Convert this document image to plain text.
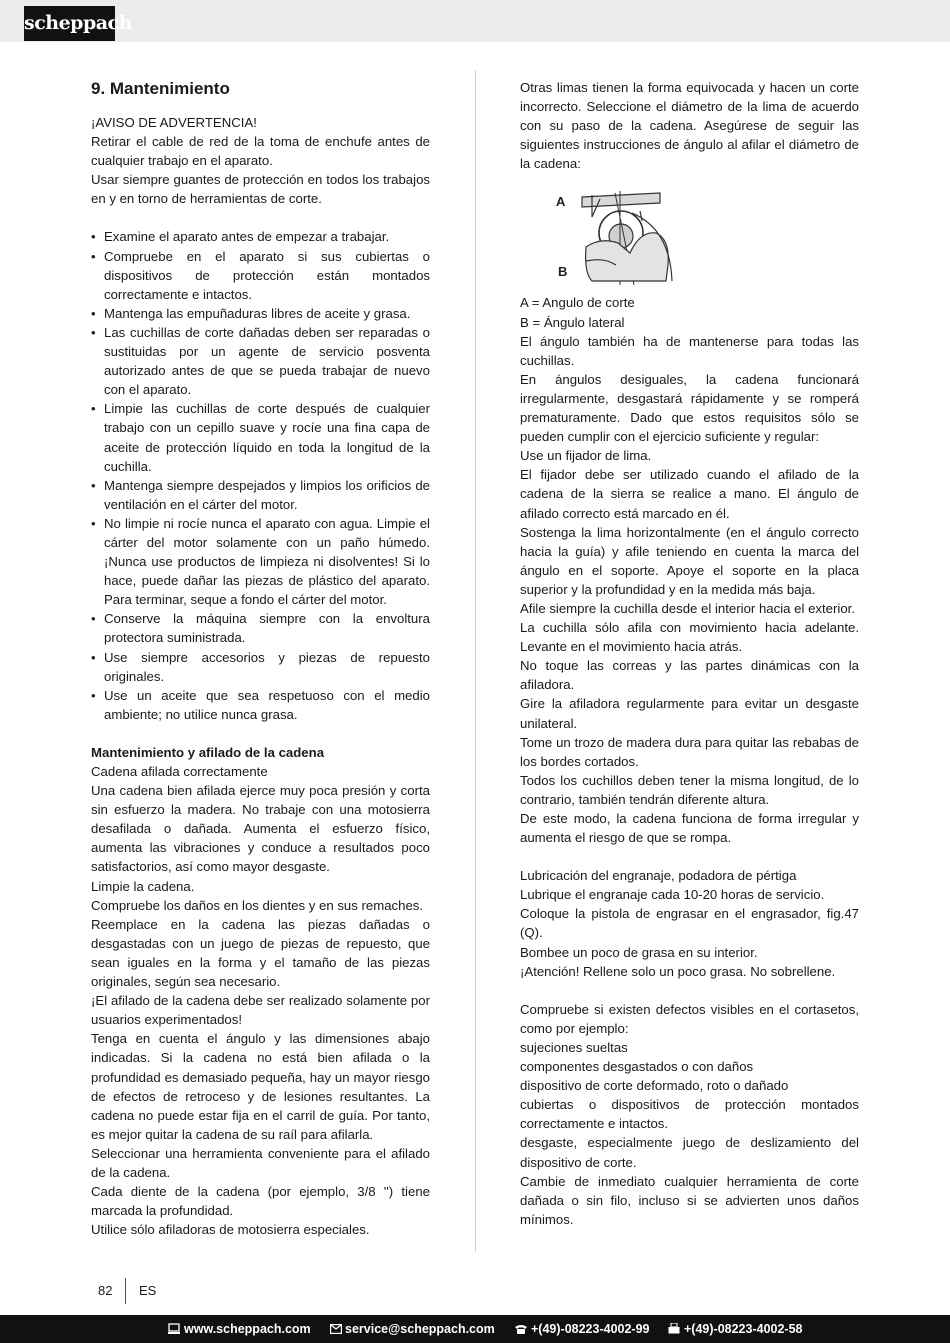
scheppach
9. Mantenimiento

¡AVISO DE ADVERTENCIA!

Retirar el cable de red de la toma de enchufe antes de cualquier trabajo en el aparato.

Usar siempre guantes de protección en todos los trabajos en y en torno de herramientas de corte.

• Examine el aparato antes de empezar a trabajar.
• Compruebe en el aparato si sus cubiertas o dispositivos de protección están montados correctamente e intactos.
• Mantenga las empuñaduras libres de aceite y grasa.
• Las cuchillas de corte dañadas deben ser reparadas o sustituidas por un agente de servicio posventa autorizado antes de que se pueda trabajar de nuevo con el aparato.
• Limpie las cuchillas de corte después de cualquier trabajo con un cepillo suave y rocíe una fina capa de aceite de protección líquido en toda la longitud de la cuchilla.
• Mantenga siempre despejados y limpios los orificios de ventilación en el cárter del motor.
• No limpie ni rocíe nunca el aparato con agua. Limpie el cárter del motor solamente con un paño húmedo. ¡Nunca use productos de limpieza ni disolventes! Si lo hace, puede dañar las piezas de plástico del aparato. Para terminar, seque a fondo el cárter del motor.
• Conserve la máquina siempre con la envoltura protectora suministrada.
• Use siempre accesorios y piezas de repuesto originales.
• Use un aceite que sea respetuoso con el medio ambiente; no utilice nunca grasa.

Mantenimiento y afilado de la cadena

Cadena afilada correctamente

Una cadena bien afilada ejerce muy poca presión y corta sin esfuerzo la madera. No trabaje con una motosierra desafilada o dañada. Aumenta el esfuerzo físico, aumenta las vibraciones y conduce a resultados poco satisfactorios, así como mayor desgaste.

Limpie la cadena.

Compruebe los daños en los dientes y en sus remaches.

Reemplace en la cadena las piezas dañadas o desgastadas con un juego de piezas de repuesto, que sean iguales en la forma y el tamaño de las piezas originales, según sea necesario.

¡El afilado de la cadena debe ser realizado solamente por usuarios experimentados!

Tenga en cuenta el ángulo y las dimensiones abajo indicadas. Si la cadena no está bien afilada o la profundidad es demasiado pequeña, hay un mayor riesgo de efectos de retroceso y de lesiones resultantes. La cadena no puede estar fija en el carril de guía. Por tanto, es mejor quitar la cadena de su raíl para afilarla.

Seleccionar una herramienta conveniente para el afilado de la cadena.

Cada diente de la cadena (por ejemplo, 3/8 '') tiene marcada la profundidad.

Utilice sólo afiladoras de motosierra especiales.

Otras limas tienen la forma equivocada y hacen un corte incorrecto. Seleccione el diámetro de la lima de acuerdo con su paso de la cadena. Asegúrese de seguir las siguientes instrucciones de ángulo al afilar el diámetro de la cadena:

A
B

A = Angulo de corte

B = Ángulo lateral

El ángulo también ha de mantenerse para todas las cuchillas.

En ángulos desiguales, la cadena funcionará irregularmente, desgastará rápidamente y se romperá prematuramente. Dado que estos requisitos sólo se pueden cumplir con el ejercicio suficiente y regular:

Use un fijador de lima.

El fijador debe ser utilizado cuando el afilado de la cadena de la sierra se realice a mano. El ángulo de afilado correcto está marcado en él.

Sostenga la lima horizontalmente (en el ángulo correcto hacia la guía) y afile teniendo en cuenta la marca del ángulo en el soporte. Apoye el soporte en la placa superior y la profundidad y en la medida más baja.

Afile siempre la cuchilla desde el interior hacia el exterior.

La cuchilla sólo afila con movimiento hacia adelante. Levante en el movimiento hacia atrás.

No toque las correas y las partes dinámicas con la afiladora.

Gire la afiladora regularmente para evitar un desgaste unilateral.

Tome un trozo de madera dura para quitar las rebabas de los bordes cortados.

Todos los cuchillos deben tener la misma longitud, de lo contrario, también tendrán diferente altura.

De este modo, la cadena funciona de forma irregular y aumenta el riesgo de que se rompa.

Lubricación del engranaje, podadora de pértiga

Lubrique el engranaje cada 10-20 horas de servicio.

Coloque la pistola de engrasar en el engrasador, fig.47 (Q).

Bombee un poco de grasa en su interior.

¡Atención! Rellene solo un poco grasa. No sobrellene.

Compruebe si existen defectos visibles en el cortasetos, como por ejemplo:

sujeciones sueltas

componentes desgastados o con daños

dispositivo de corte deformado, roto o dañado

cubiertas o dispositivos de protección montados correctamente e intactos.

desgaste, especialmente juego de deslizamiento del dispositivo de corte.

Cambie de inmediato cualquier herramienta de corte dañada o sin filo, incluso si se advierten unos daños mínimos.

82 ES
www.scheppach.com	service@scheppach.com	+(49)-08223-4002-99	+(49)-08223-4002-58
